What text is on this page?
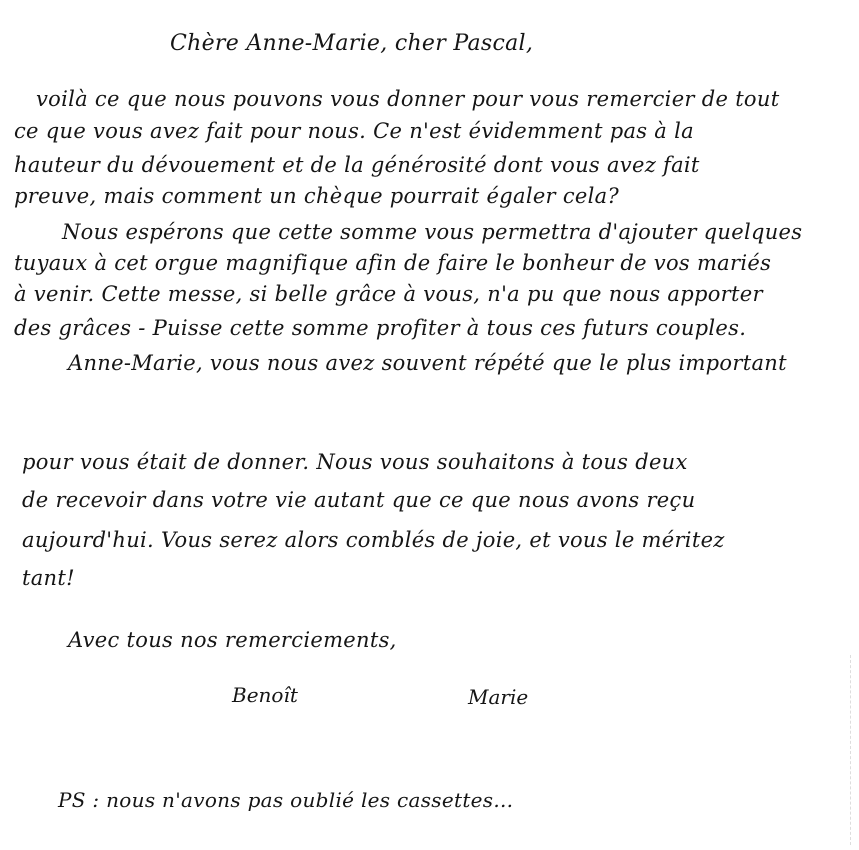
Chère Anne-Marie, cher Pascal,
voilà ce que nous pouvons vous donner pour vous remercier de tout
ce que vous avez fait pour nous. Ce n'est évidemment pas à la
hauteur du dévouement et de la générosité dont vous avez fait
preuve, mais comment un chèque pourrait égaler cela?
Nous espérons que cette somme vous permettra d'ajouter quelques
tuyaux à cet orgue magnifique afin de faire le bonheur de vos mariés
à venir. Cette messe, si belle grâce à vous, n'a pu que nous apporter
des grâces - Puisse cette somme profiter à tous ces futurs couples.
Anne-Marie, vous nous avez souvent répété que le plus important
pour vous était de donner. Nous vous souhaitons à tous deux
de recevoir dans votre vie autant que ce que nous avons reçu
aujourd'hui. Vous serez alors comblés de joie, et vous le méritez
tant!
Avec tous nos remerciements,
Benoît	Marie
PS : nous n'avons pas oublié les cassettes...
